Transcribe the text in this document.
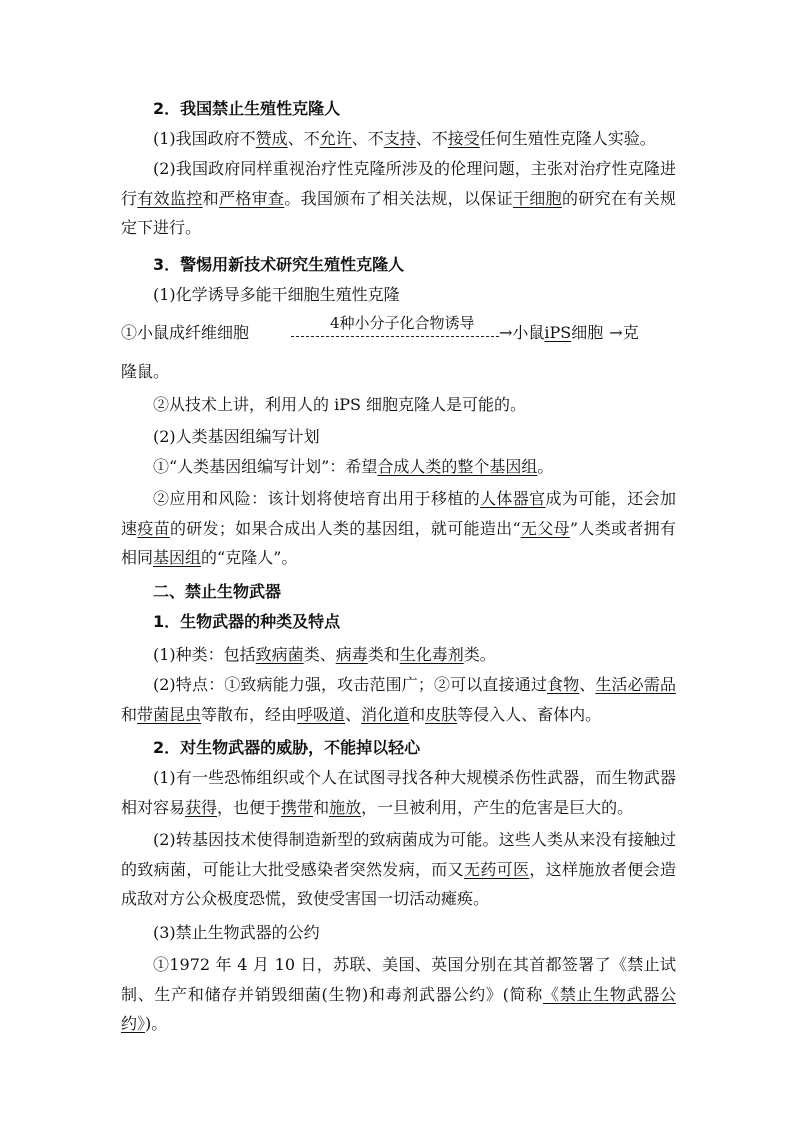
2．我国禁止生殖性克隆人

(1)我国政府不赞成、不允许、不支持、不接受任何生殖性克隆人实验。

(2)我国政府同样重视治疗性克隆所涉及的伦理问题，主张对治疗性克隆进行有效监控和严格审查。我国颁布了相关法规，以保证干细胞的研究在有关规定下进行。

3．警惕用新技术研究生殖性克隆人

(1)化学诱导多能干细胞生殖性克隆

①小鼠成纤维细胞	4种小分子化合物诱导 →小鼠iPS细胞 →克

隆鼠。

②从技术上讲，利用人的 iPS 细胞克隆人是可能的。

(2)人类基因组编写计划

①“人类基因组编写计划”：希望合成人类的整个基因组。

②应用和风险：该计划将使培育出用于移植的人体器官成为可能，还会加速疫苗的研发；如果合成出人类的基因组，就可能造出“无父母”人类或者拥有相同基因组的“克隆人”。

二、禁止生物武器

1．生物武器的种类及特点

(1)种类：包括致病菌类、病毒类和生化毒剂类。

(2)特点：①致病能力强，攻击范围广；②可以直接通过食物、生活必需品和带菌昆虫等散布，经由呼吸道、消化道和皮肤等侵入人、畜体内。

2．对生物武器的威胁，不能掉以轻心

(1)有一些恐怖组织或个人在试图寻找各种大规模杀伤性武器，而生物武器相对容易获得，也便于携带和施放，一旦被利用，产生的危害是巨大的。

(2)转基因技术使得制造新型的致病菌成为可能。这些人类从来没有接触过的致病菌，可能让大批受感染者突然发病，而又无药可医，这样施放者便会造成敌对方公众极度恐慌，致使受害国一切活动瘫痪。

(3)禁止生物武器的公约

①1972 年 4 月 10 日，苏联、美国、英国分别在其首都签署了《禁止试制、生产和储存并销毁细菌(生物)和毒剂武器公约》(简称《禁止生物武器公约》)。
